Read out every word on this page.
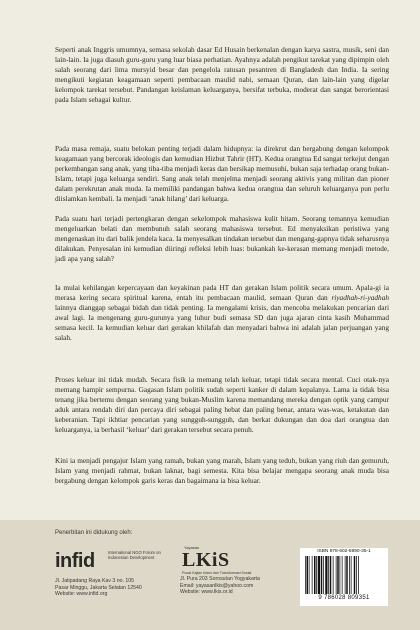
Seperti anak Inggris umumnya, semasa sekolah dasar Ed Husain berkenalan dengan karya sastra, musik, seni dan lain-lain. Ia juga diasuh guru-guru yang luar biasa perhatian. Ayahnya adalah pengikut tarekat yang dipimpin oleh salah seorang dari lima mursyid besar dan pengelola ratusan pesantren di Bangladesh dan India. Ia sering mengikuti kegiatan keagamaan seperti pembacaan maulid nabi, semaan Quran, dan lain-lain yang digelar kelompok tarekat tersebut. Pandangan keislaman keluarganya, bersifat terbuka, moderat dan sangat berorientasi pada Islam sebagai kultur.

Pada masa remaja, suatu belokan penting terjadi dalam hidupnya: ia direkrut dan bergabung dengan kelompok keagamaan yang bercorak ideologis dan kemudian Hizbut Tahrir (HT). Kedua orangtua Ed sangat terkejut dengan perkembangan sang anak, yang tiba-tiba menjadi keras dan bersikap memusuhi, bukan saja terhadap orang bukan-Islam, tetapi juga keluarga sendiri. Sang anak telah menjelma menjadi seorang aktivis yang militan dan pioner dalam perekrutan anak muda. Ia memiliki pandangan bahwa kedua orangtua dan seluruh keluarganya pun perlu diislamkan kembali. Ia menjadi ‘anak hilang’ dari keluarga.

Pada suatu hari terjadi pertengkaran dengan sekelompok mahasiswa kulit hitam. Seorang temannya kemudian mengeluarkan belati dan membunuh salah seorang mahasiswa tersebut. Ed menyaksikan peristiwa yang mengenaskan itu dari balik jendela kaca. Ia menyesalkan tindakan tersebut dan mengang-gapnya tidak seharusnya dilakukan. Penyesalan ini kemudian diiringi refleksi lebih luas: bukankah ke-kerasan memang menjadi metode, jadi apa yang salah?

Ia mulai kehilangan kepercayaan dan keyakinan pada HT dan gerakan Islam politik secara umum. Apala-gi ia merasa kering secara spiritual karena, entah itu pembacaan maulid, semaan Quran dan riyadhah-ri-yadhah lainnya dianggap sebagai bidah dan tidak penting. Ia mengalami krisis, dan mencoba melakukan pencarian dari awal lagi. Ia mengenang guru-gurunya yang luhur budi semasa SD dan juga ajaran cinta kasih Muhammad semasa kecil. Ia kemudian keluar dari gerakan khilafah dan menyadari bahwa ini adalah jalan perjuangan yang salah.

Proses keluar ini tidak mudah. Secara fisik ia memang telah keluar, tetapi tidak secara mental. Cuci otak-nya memang hampir sempurna. Gagasan Islam politik sudah seperti kanker di dalam kepalanya. Lama ia tidak bisa tenang jika bertemu dengan seorang yang bukan-Muslim karena memandang mereka dengan optik yang campur aduk antara rendah diri dan percaya diri sebagai paling hebat dan paling benar, antara was-was, ketakutan dan keberanian. Tapi ikhtiar pencarian yang sungguh-sungguh, dan berkat dukungan dan doa dari orangtua dan keluarganya, ia berhasil ‘keluar’ dari gerakan tersebut secara penuh.

Kini ia menjadi pengajur Islam yang ramah, bukan yang marah, Islam yang teduh, bukan yang riuh dan gemuruh, Islam yang menjadi rahmat, bukan laknat, bagi semesta. Kita bisa belajar mengapa seorang anak muda bisa bergabung dengan kelompok garis keras dan bagaimana ia bisa keluar.

Penerbitan ini didukung oleh:
infid	International NGO Forum on Indonesian Development
Jl. Jatipadang Raya Kav 3 no. 105
Pasar Minggu, Jakarta Selatan 12540
Website: www.infid.org
Yayasan
LKiS
Pusat Kajian Islam dan Transformasi Sosial
Jl. Pura 203 Sorosutan Yogyakarta
Email: yayasanlkis@yahoo.com
Website: www.lkis.or.id
ISBN 978-602-8890-35-1
9 786028 809351
